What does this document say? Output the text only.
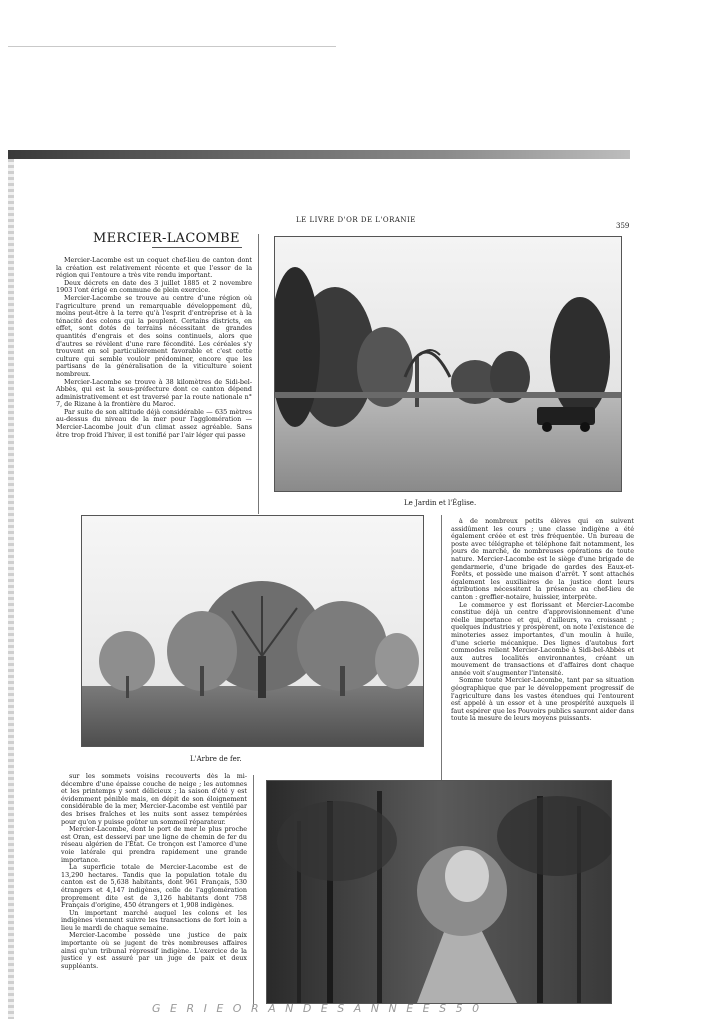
LE LIVRE D'OR DE L'ORANIE
359
MERCIER-LACOMBE

Mercier-Lacombe est un coquet chef-lieu de canton dont la création est relativement récente et que l'essor de la région qui l'entoure a très vite rendu important.

Deux décrets en date des 3 juillet 1885 et 2 novembre 1903 l'ont érigé en commune de plein exercice.

Mercier-Lacombe se trouve au centre d'une région où l'agriculture prend un remarquable développement dû, moins peut-être à la terre qu'à l'esprit d'entreprise et à la ténacité des colons qui la peuplent. Certains districts, en effet, sont dotés de terrains nécessitant de grandes quantités d'engrais et des soins continuels, alors que d'autres se révèlent d'une rare fécondité. Les céréales s'y trouvent en sol particulièrement favorable et c'est cette culture qui semble vouloir prédominer, encore que les partisans de la généralisation de la viticulture soient nombreux.

Mercier-Lacombe se trouve à 38 kilomètres de Sidi-bel-Abbès, qui est la sous-préfecture dont ce canton dépend administrativement et est traversé par la route nationale n° 7, de Rizane à la frontière du Maroc.

Par suite de son altitude déjà considérable — 635 mètres au-dessus du niveau de la mer pour l'agglomération — Mercier-Lacombe jouit d'un climat assez agréable. Sans être trop froid l'hiver, il est tonifié par l'air léger qui passe

Le Jardin et l'Église.
L'Arbre de fer.

à de nombreux petits élèves qui en suivent assidûment les cours ; une classe indigène a été également créée et est très fréquentée. Un bureau de poste avec télégraphe et téléphone fait notamment, les jours de marché, de nombreuses opérations de toute nature. Mercier-Lacombe est le siège d'une brigade de gendarmerie, d'une brigade de gardes des Eaux-et-Forêts, et possède une maison d'arrêt. Y sont attachés également les auxiliaires de la justice dont leurs attributions nécessitent la présence au chef-lieu de canton : greffier-notaire, huissier, interprète.

Le commerce y est florissant et Mercier-Lacombe constitue déjà un centre d'approvisionnement d'une réelle importance et qui, d'ailleurs, va croissant ; quelques industries y prospèrent, on note l'existence de minoteries assez importantes, d'un moulin à huile, d'une scierie mécanique. Des lignes d'autobus fort commodes relient Mercier-Lacombe à Sidi-bel-Abbès et aux autres localités environnantes, créant un mouvement de transactions et d'affaires dont chaque année voit s'augmenter l'intensité.

Somme toute Mercier-Lacombe, tant par sa situation géographique que par le développement progressif de l'agriculture dans les vastes étendues qui l'entourent est appelé à un essor et à une prospérité auxquels il faut espérer que les Pouvoirs publics sauront aider dans toute la mesure de leurs moyens puissants.

sur les sommets voisins recouverts dès la mi-décembre d'une épaisse couche de neige ; les automnes et les printemps y sont délicieux ; la saison d'été y est évidemment pénible mais, en dépit de son éloignement considérable de la mer, Mercier-Lacombe est ventilé par des brises fraîches et les nuits sont assez tempérées pour qu'on y puisse goûter un sommeil réparateur.

Mercier-Lacombe, dont le port de mer le plus proche est Oran, est desservi par une ligne de chemin de fer du réseau algérien de l'État. Ce tronçon est l'amorce d'une voie latérale qui prendra rapidement une grande importance.

La superficie totale de Mercier-Lacombe est de 13,290 hectares. Tandis que la population totale du canton est de 5,638 habitants, dont 961 Français, 530 étrangers et 4,147 indigènes, celle de l'agglomération proprement dite est de 3,126 habitants dont 758 Français d'origine, 450 étrangers et 1,908 indigènes.

Un important marché auquel les colons et les indigènes viennent suivre les transactions de fort loin a lieu le mardi de chaque semaine.

Mercier-Lacombe possède une justice de paix importante où se jugent de très nombreuses affaires ainsi qu'un tribunal répressif indigène. L'exercice de la justice y est assuré par un juge de paix et deux suppléants.

G E R I E O R A N D E S A N N E E S 5 0
